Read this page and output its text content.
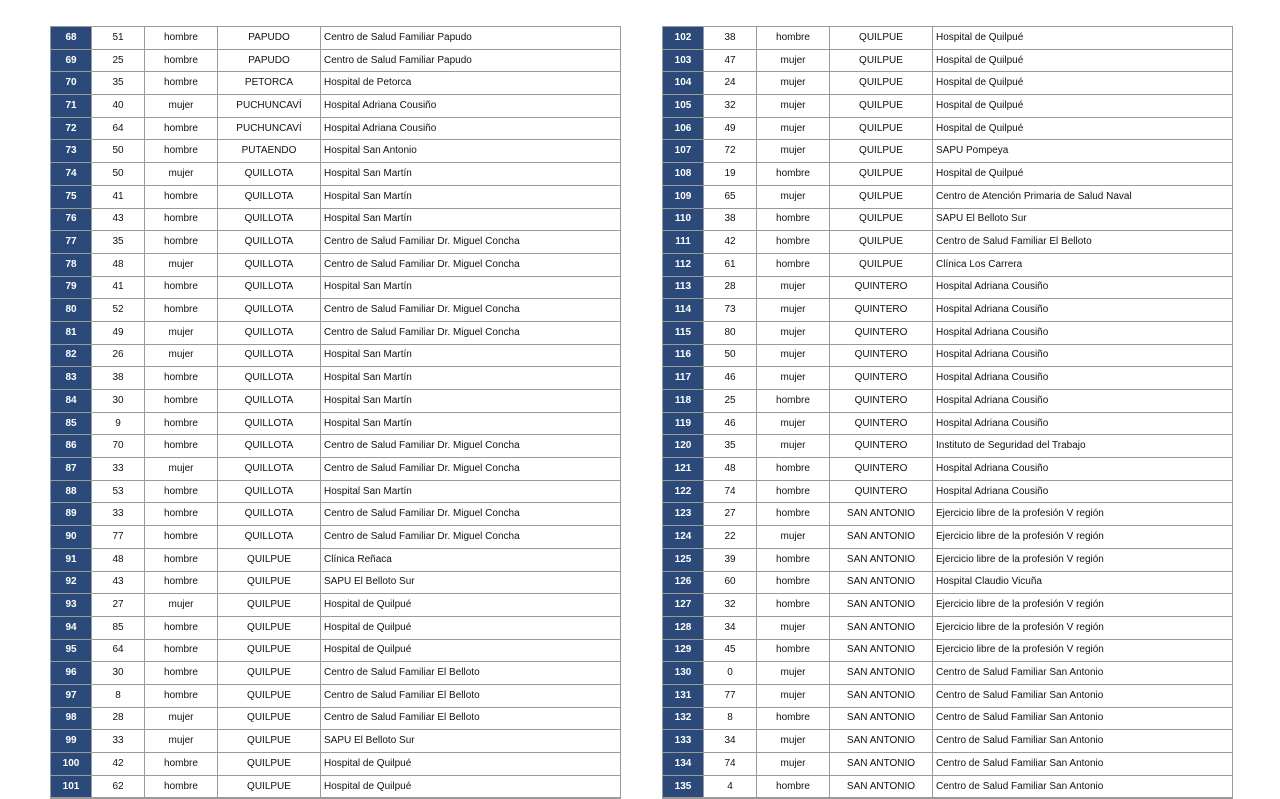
68	51	hombre	PAPUDO	Centro de Salud Familiar Papudo
69	25	hombre	PAPUDO	Centro de Salud Familiar Papudo
70	35	hombre	PETORCA	Hospital de Petorca
71	40	mujer	PUCHUNCAVÍ	Hospital Adriana Cousiño
72	64	hombre	PUCHUNCAVÍ	Hospital Adriana Cousiño
73	50	hombre	PUTAENDO	Hospital San Antonio
74	50	mujer	QUILLOTA	Hospital San Martín
75	41	hombre	QUILLOTA	Hospital San Martín
76	43	hombre	QUILLOTA	Hospital San Martín
77	35	hombre	QUILLOTA	Centro de Salud Familiar Dr. Miguel Concha
78	48	mujer	QUILLOTA	Centro de Salud Familiar Dr. Miguel Concha
79	41	hombre	QUILLOTA	Hospital San Martín
80	52	hombre	QUILLOTA	Centro de Salud Familiar Dr. Miguel Concha
81	49	mujer	QUILLOTA	Centro de Salud Familiar Dr. Miguel Concha
82	26	mujer	QUILLOTA	Hospital San Martín
83	38	hombre	QUILLOTA	Hospital San Martín
84	30	hombre	QUILLOTA	Hospital San Martín
85	9	hombre	QUILLOTA	Hospital San Martín
86	70	hombre	QUILLOTA	Centro de Salud Familiar Dr. Miguel Concha
87	33	mujer	QUILLOTA	Centro de Salud Familiar Dr. Miguel Concha
88	53	hombre	QUILLOTA	Hospital San Martín
89	33	hombre	QUILLOTA	Centro de Salud Familiar Dr. Miguel Concha
90	77	hombre	QUILLOTA	Centro de Salud Familiar Dr. Miguel Concha
91	48	hombre	QUILPUE	Clínica Reñaca
92	43	hombre	QUILPUE	SAPU El Belloto Sur
93	27	mujer	QUILPUE	Hospital de Quilpué
94	85	hombre	QUILPUE	Hospital de Quilpué
95	64	hombre	QUILPUE	Hospital de Quilpué
96	30	hombre	QUILPUE	Centro de Salud Familiar El Belloto
97	8	hombre	QUILPUE	Centro de Salud Familiar El Belloto
98	28	mujer	QUILPUE	Centro de Salud Familiar El Belloto
99	33	mujer	QUILPUE	SAPU El Belloto Sur
100	42	hombre	QUILPUE	Hospital de Quilpué
101	62	hombre	QUILPUE	Hospital de Quilpué
102	38	hombre	QUILPUE	Hospital de Quilpué
103	47	mujer	QUILPUE	Hospital de Quilpué
104	24	mujer	QUILPUE	Hospital de Quilpué
105	32	mujer	QUILPUE	Hospital de Quilpué
106	49	mujer	QUILPUE	Hospital de Quilpué
107	72	mujer	QUILPUE	SAPU Pompeya
108	19	hombre	QUILPUE	Hospital de Quilpué
109	65	mujer	QUILPUE	Centro de Atención Primaria de Salud Naval
110	38	hombre	QUILPUE	SAPU El Belloto Sur
111	42	hombre	QUILPUE	Centro de Salud Familiar El Belloto
112	61	hombre	QUILPUE	Clínica Los Carrera
113	28	mujer	QUINTERO	Hospital Adriana Cousiño
114	73	mujer	QUINTERO	Hospital Adriana Cousiño
115	80	mujer	QUINTERO	Hospital Adriana Cousiño
116	50	mujer	QUINTERO	Hospital Adriana Cousiño
117	46	mujer	QUINTERO	Hospital Adriana Cousiño
118	25	hombre	QUINTERO	Hospital Adriana Cousiño
119	46	mujer	QUINTERO	Hospital Adriana Cousiño
120	35	mujer	QUINTERO	Instituto de Seguridad del Trabajo
121	48	hombre	QUINTERO	Hospital Adriana Cousiño
122	74	hombre	QUINTERO	Hospital Adriana Cousiño
123	27	hombre	SAN ANTONIO	Ejercicio libre de la profesión V región
124	22	mujer	SAN ANTONIO	Ejercicio libre de la profesión V región
125	39	hombre	SAN ANTONIO	Ejercicio libre de la profesión V región
126	60	hombre	SAN ANTONIO	Hospital Claudio Vicuña
127	32	hombre	SAN ANTONIO	Ejercicio libre de la profesión V región
128	34	mujer	SAN ANTONIO	Ejercicio libre de la profesión V región
129	45	hombre	SAN ANTONIO	Ejercicio libre de la profesión V región
130	0	mujer	SAN ANTONIO	Centro de Salud Familiar San Antonio
131	77	mujer	SAN ANTONIO	Centro de Salud Familiar San Antonio
132	8	hombre	SAN ANTONIO	Centro de Salud Familiar San Antonio
133	34	mujer	SAN ANTONIO	Centro de Salud Familiar San Antonio
134	74	mujer	SAN ANTONIO	Centro de Salud Familiar San Antonio
135	4	hombre	SAN ANTONIO	Centro de Salud Familiar San Antonio
